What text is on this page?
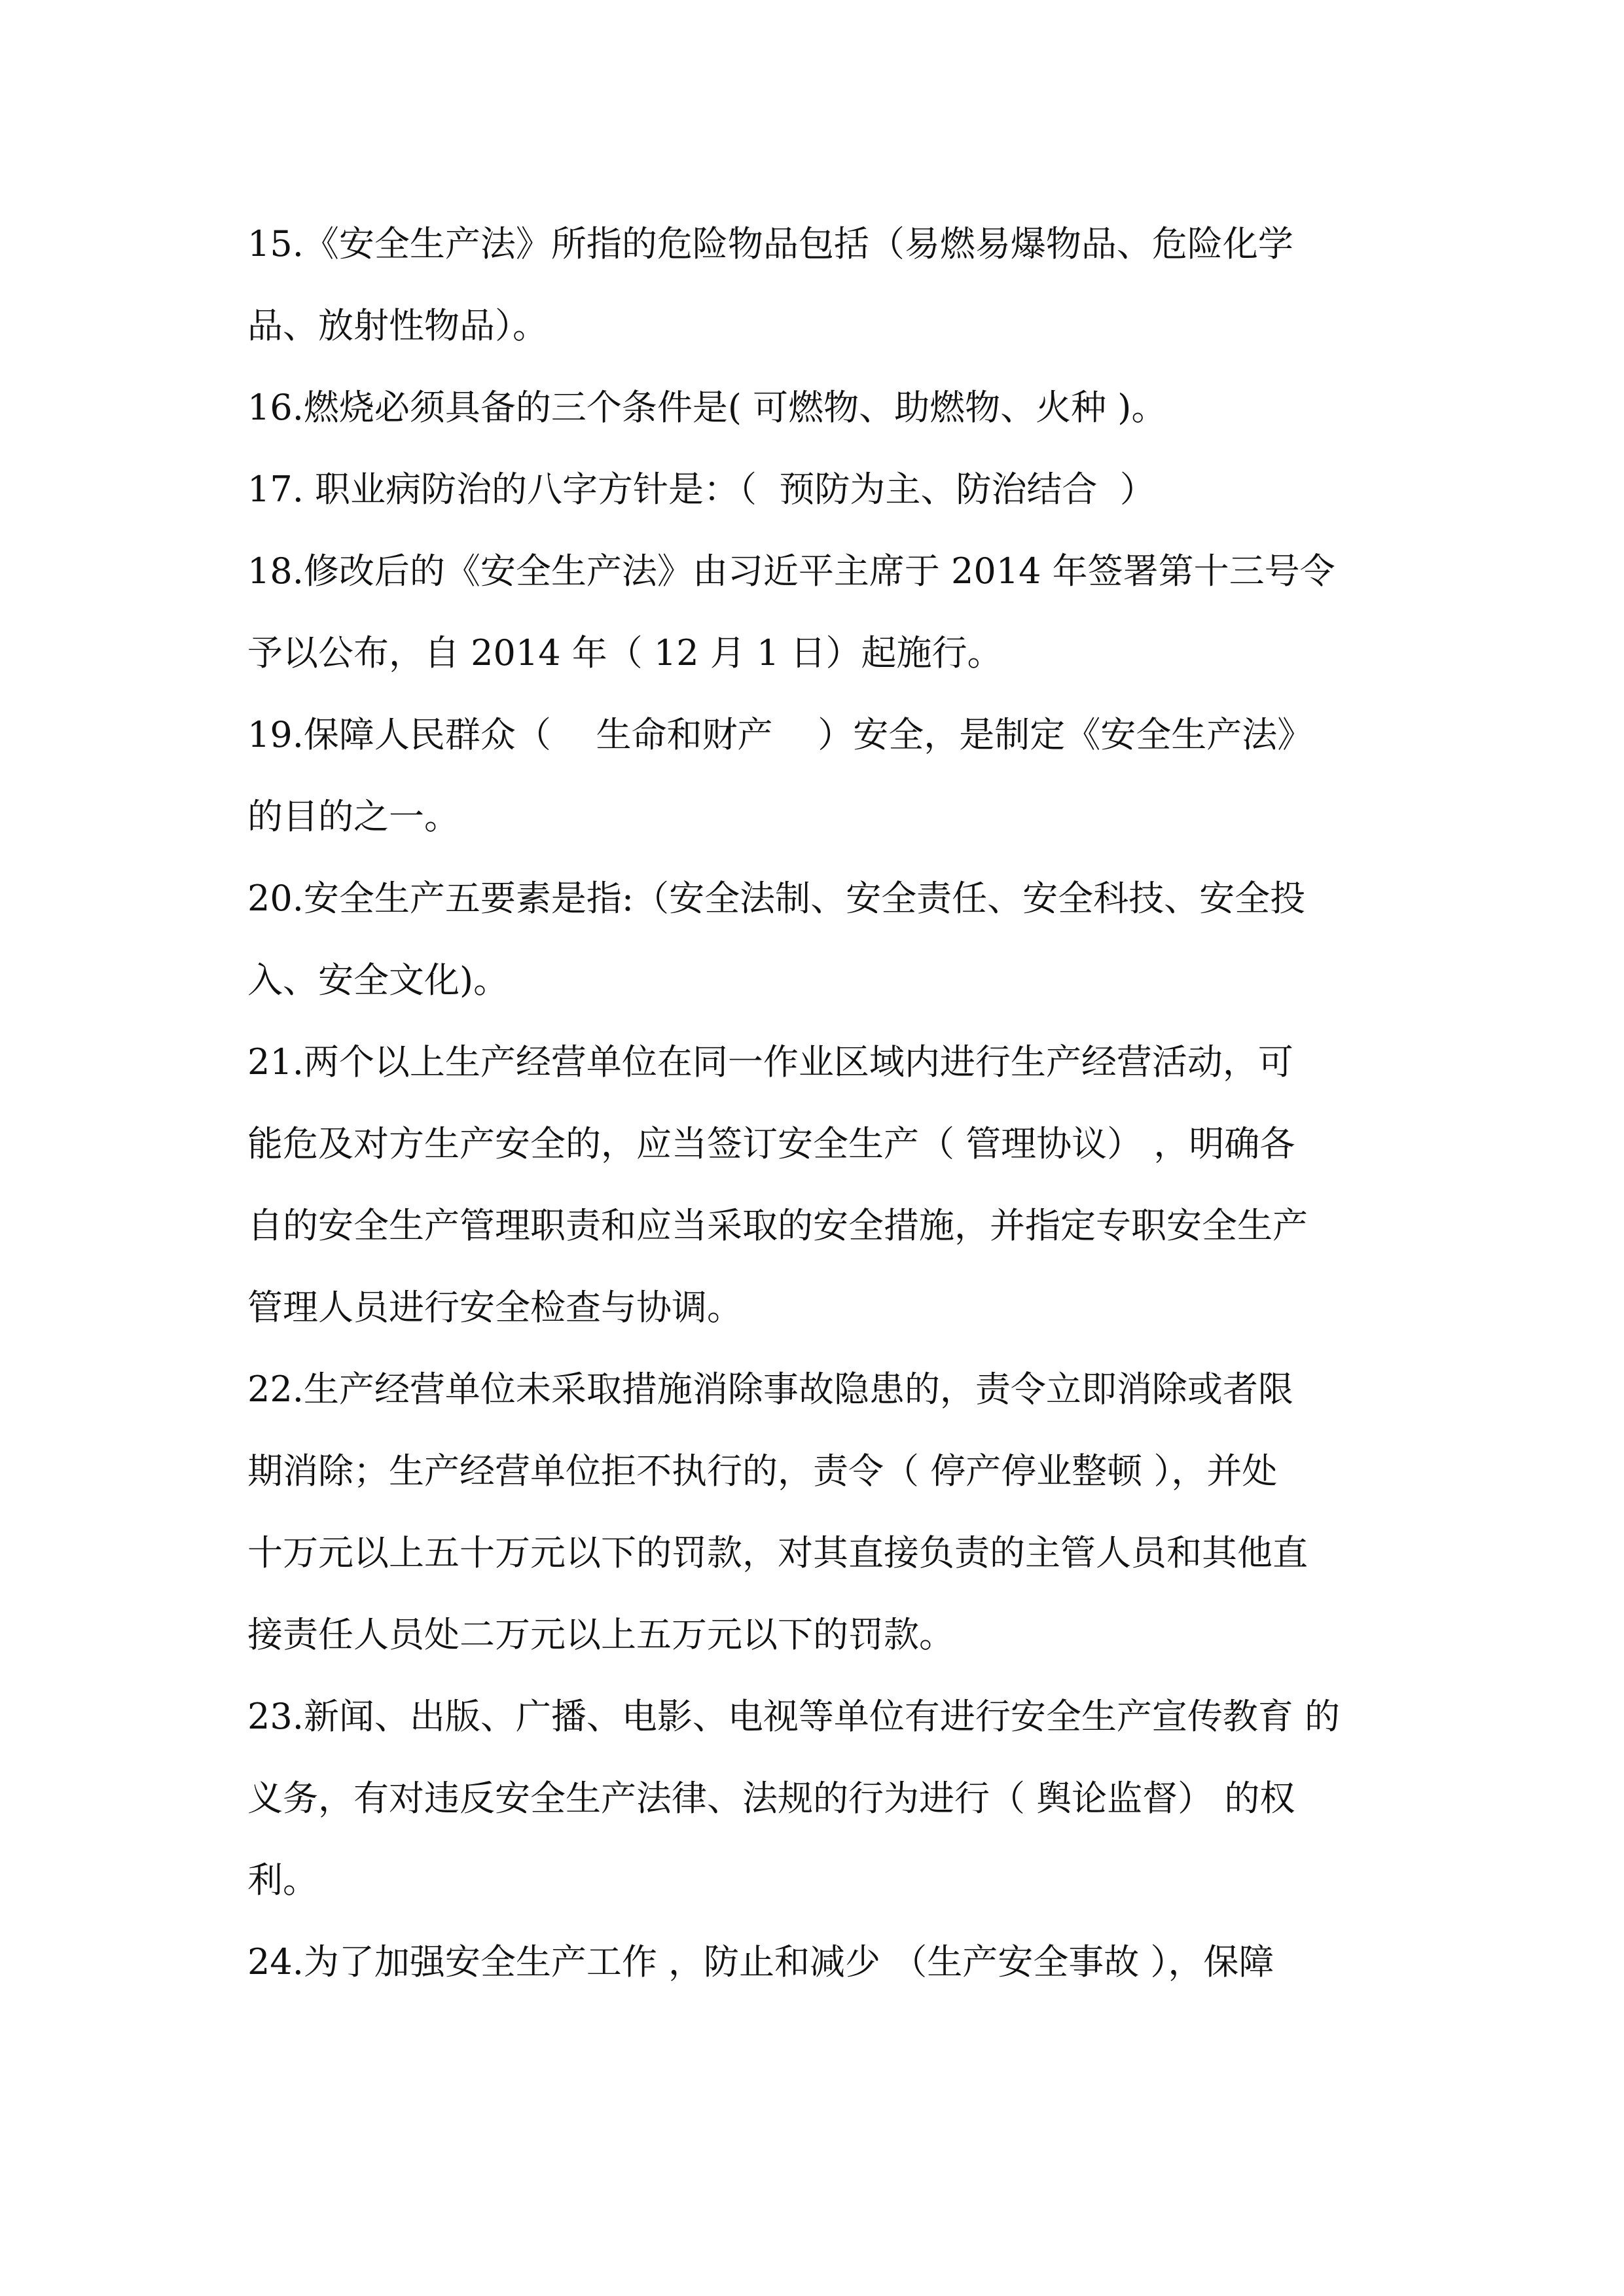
15.《安全生产法》所指的危险物品包括（易燃易爆物品、危险化学
品、放射性物品）。
16.燃烧必须具备的三个条件是( 可燃物、助燃物、火种 )。
17. 职业病防治的八字方针是：（  预防为主、防治结合  ）
18.修改后的《安全生产法》由习近平主席于 2014 年签署第十三号令
予以公布，自 2014 年（ 12 月 1 日）起施行。
19.保障人民群众（    生命和财产    ）安全，是制定《安全生产法》
的目的之一。
20.安全生产五要素是指:（安全法制、安全责任、安全科技、安全投
入、安全文化)。
21.两个以上生产经营单位在同一作业区域内进行生产经营活动，可
能危及对方生产安全的，应当签订安全生产（ 管理协议） ，明确各
自的安全生产管理职责和应当采取的安全措施，并指定专职安全生产
管理人员进行安全检查与协调。
22.生产经营单位未采取措施消除事故隐患的，责令立即消除或者限
期消除；生产经营单位拒不执行的，责令（ 停产停业整顿 ），并处
十万元以上五十万元以下的罚款，对其直接负责的主管人员和其他直
接责任人员处二万元以上五万元以下的罚款。
23.新闻、出版、广播、电影、电视等单位有进行安全生产宣传教育 的
义务，有对违反安全生产法律、法规的行为进行（ 舆论监督） 的权
利。
24.为了加强安全生产工作 ，防止和减少 （生产安全事故 ），保障
